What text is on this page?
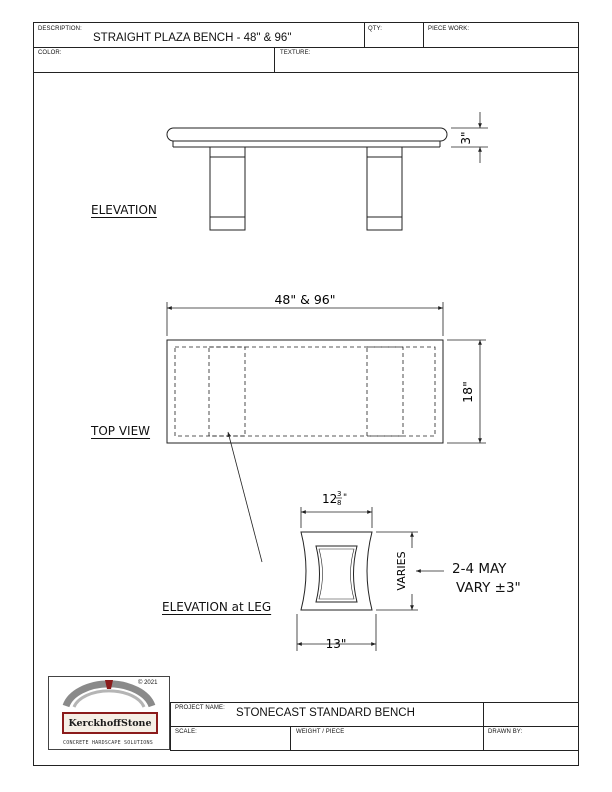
DESCRIPTION:
STRAIGHT PLAZA BENCH - 48" & 96"
QTY:	PIECE WORK:
COLOR:	TEXTURE:
3"
48" & 96"
18"
13"
VARIES
12 3
8 "
ELEVATION
TOP VIEW
ELEVATION at LEG
2-4 MAY
VARY ±3"
PROJECT NAME: STONECAST STANDARD BENCH
SCALE:	WEIGHT / PIECE	DRAWN BY:
© 2021
KerckhoffStone
CONCRETE HARDSCAPE SOLUTIONS
